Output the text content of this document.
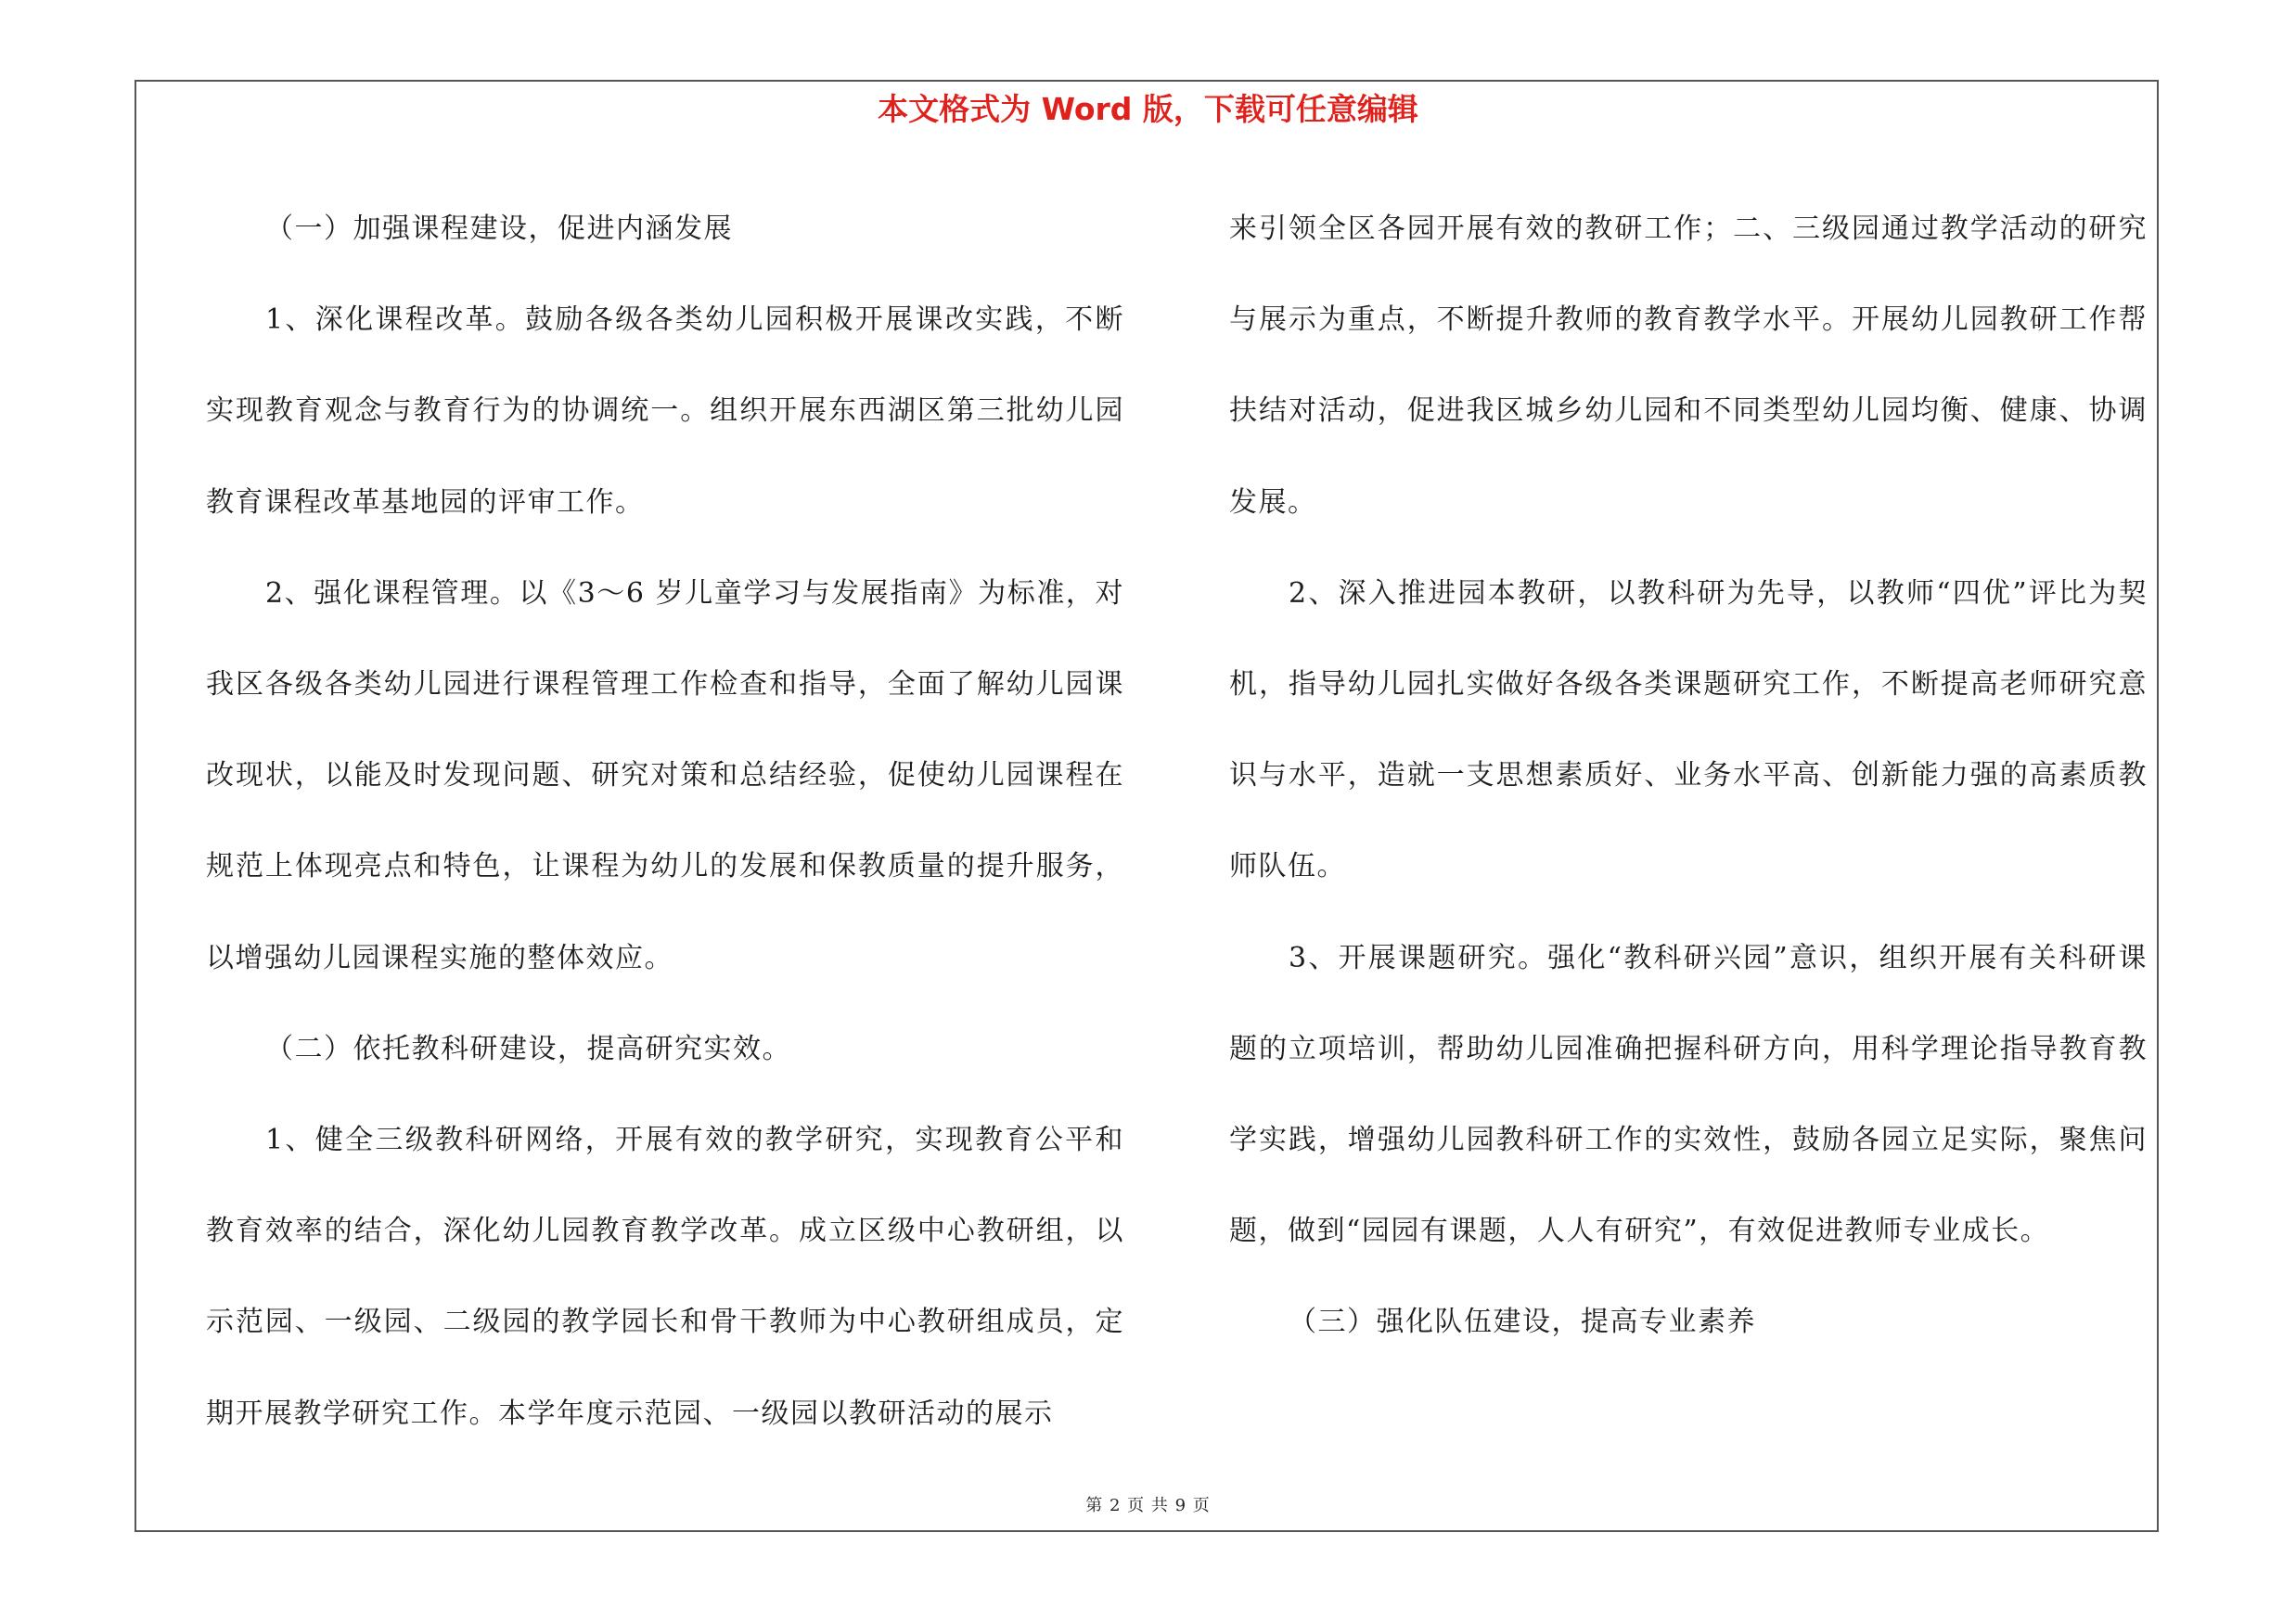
本文格式为 Word 版，下载可任意编辑

（一）加强课程建设，促进内涵发展

1、深化课程改革。鼓励各级各类幼儿园积极开展课改实践，不断实现教育观念与教育行为的协调统一。组织开展东西湖区第三批幼儿园教育课程改革基地园的评审工作。

2、强化课程管理。以《3～6 岁儿童学习与发展指南》为标准，对我区各级各类幼儿园进行课程管理工作检查和指导，全面了解幼儿园课改现状，以能及时发现问题、研究对策和总结经验，促使幼儿园课程在规范上体现亮点和特色，让课程为幼儿的发展和保教质量的提升服务，以增强幼儿园课程实施的整体效应。

（二）依托教科研建设，提高研究实效。

1、健全三级教科研网络，开展有效的教学研究，实现教育公平和教育效率的结合，深化幼儿园教育教学改革。成立区级中心教研组，以示范园、一级园、二级园的教学园长和骨干教师为中心教研组成员，定期开展教学研究工作。本学年度示范园、一级园以教研活动的展示

来引领全区各园开展有效的教研工作；二、三级园通过教学活动的研究与展示为重点，不断提升教师的教育教学水平。开展幼儿园教研工作帮扶结对活动，促进我区城乡幼儿园和不同类型幼儿园均衡、健康、协调发展。

2、深入推进园本教研，以教科研为先导，以教师“四优”评比为契机，指导幼儿园扎实做好各级各类课题研究工作，不断提高老师研究意识与水平，造就一支思想素质好、业务水平高、创新能力强的高素质教师队伍。

3、开展课题研究。强化“教科研兴园”意识，组织开展有关科研课题的立项培训，帮助幼儿园准确把握科研方向，用科学理论指导教育教学实践，增强幼儿园教科研工作的实效性，鼓励各园立足实际，聚焦问题，做到“园园有课题，人人有研究”，有效促进教师专业成长。

（三）强化队伍建设，提高专业素养

第 2 页 共 9 页
